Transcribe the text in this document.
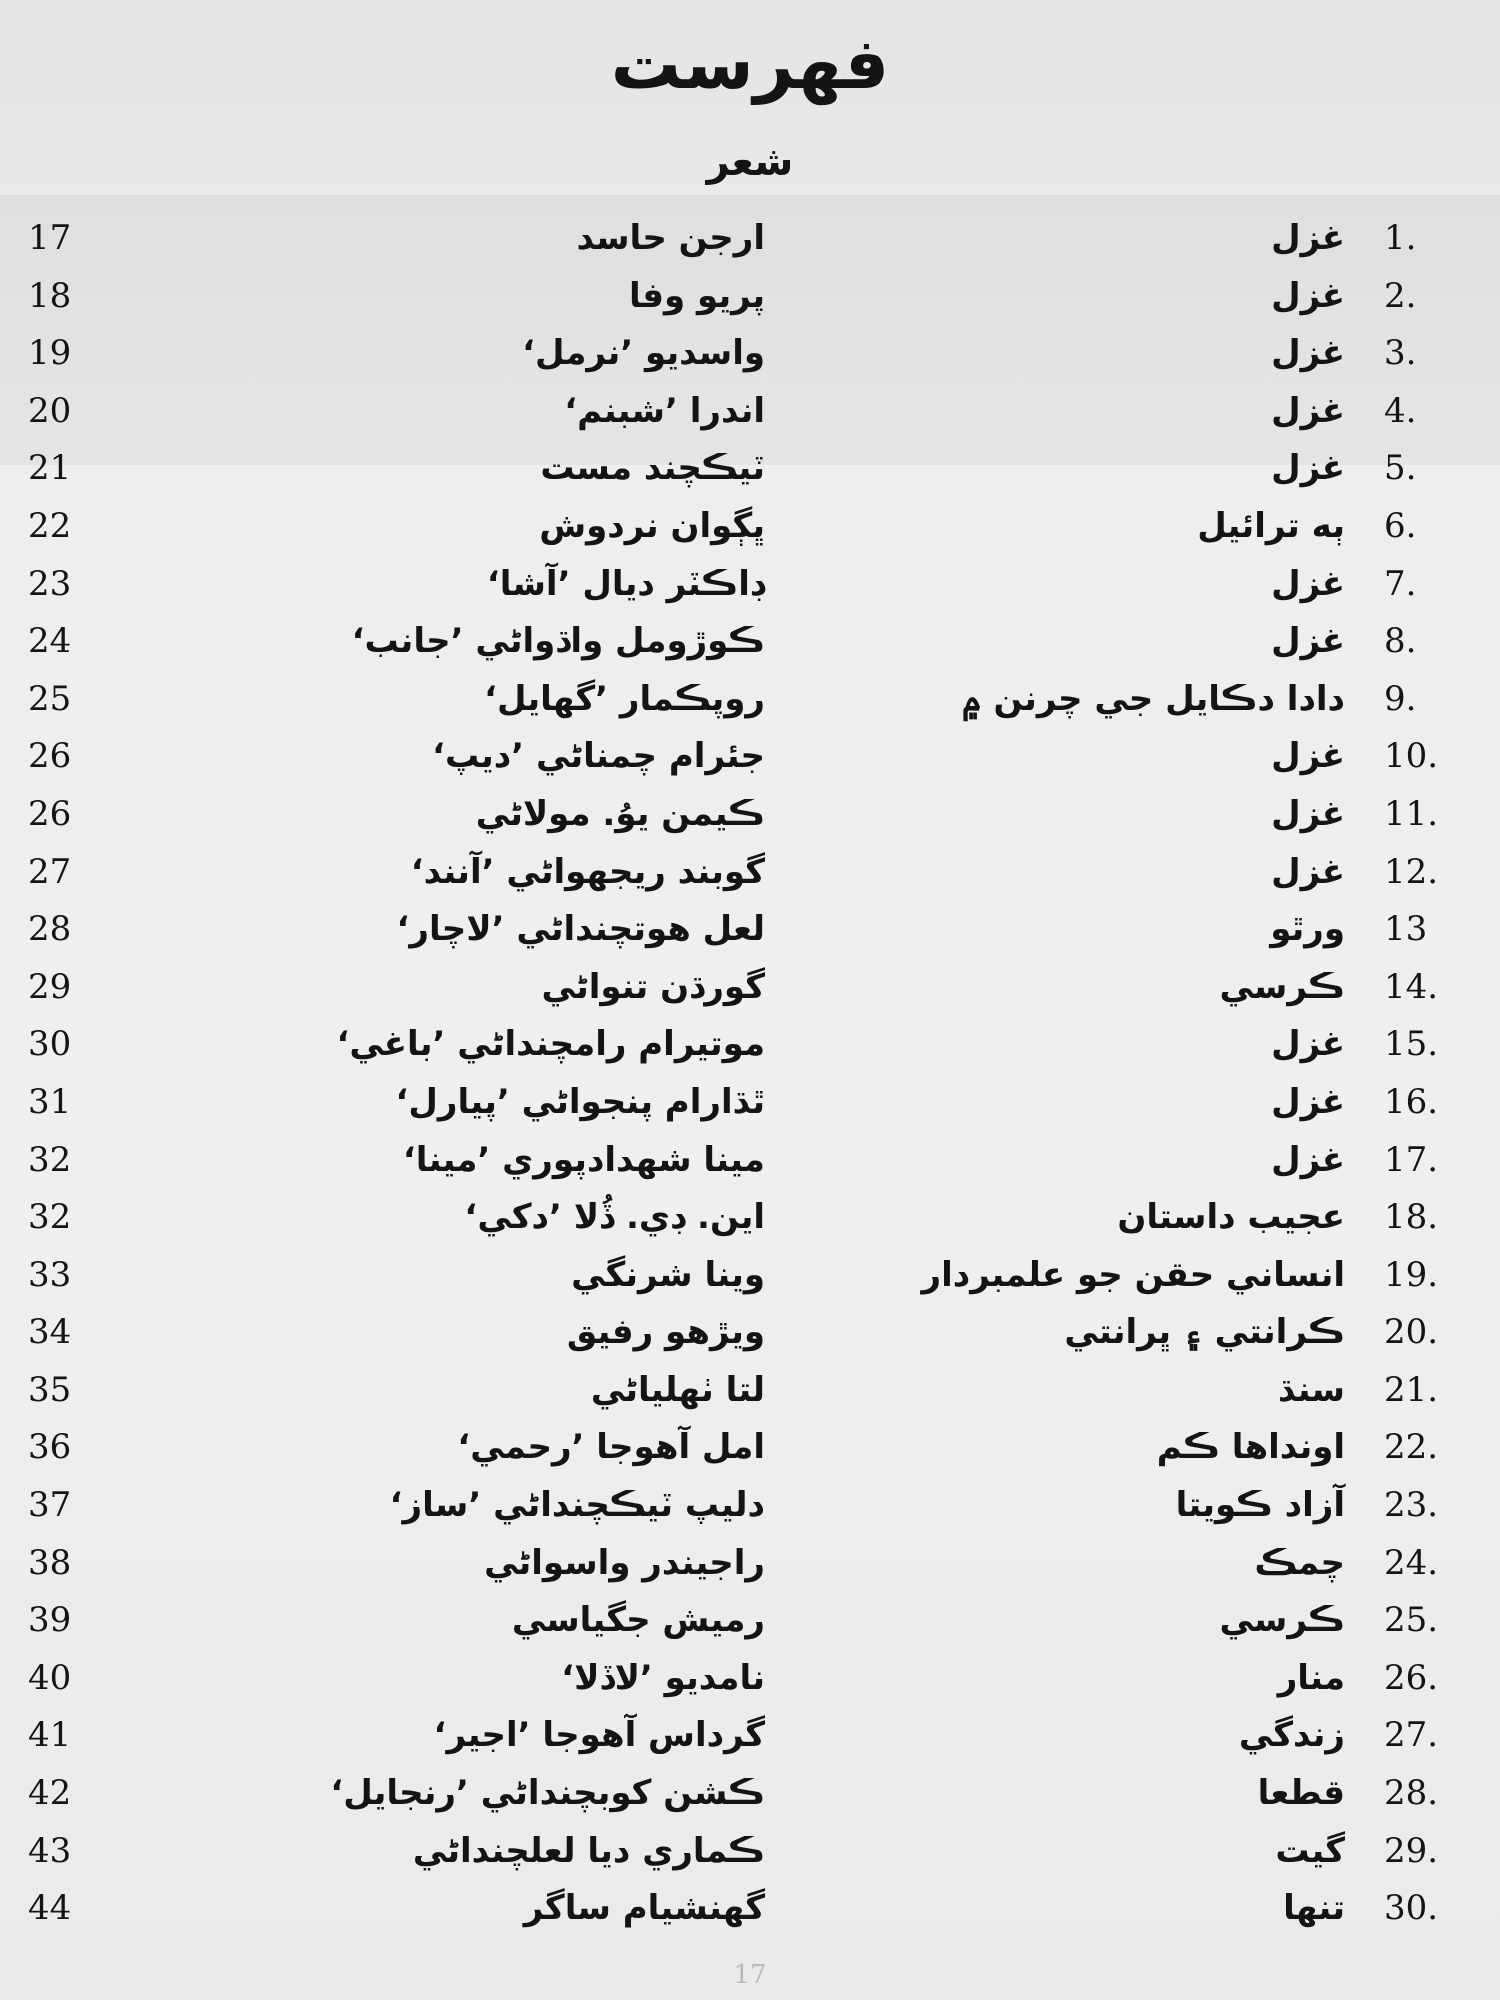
فهرست
شعر
1.
غزل
ارجن حاسد
17
2.
غزل
پريو وفا
18
3.
غزل
واسديو ’نرمل‘
19
4.
غزل
اندرا ’شبنم‘
20
5.
غزل
ٽيڪچند مست
21
6.
ٻه ترائيل
ڀڳوان نردوش
22
7.
غزل
ڊاڪٽر ديال ’آشا‘
23
8.
غزل
ڪوڙومل واڌواڻي ’جانب‘
24
9.
دادا دڪايل جي چرنن ۾
روپڪمار ’گهايل‘
25
10.
غزل
جئرام چمناڻي ’ديپ‘
26
11.
غزل
ڪيمن يوُ. مولاڻي
26
12.
غزل
گوبند ريجهواڻي ’آنند‘
27
13
ورٿو
لعل هوتچنداڻي ’لاچار‘
28
14.
ڪرسي
گورڌن تنواڻي
29
15.
غزل
موتيرام رامچنداڻي ’باغي‘
30
16.
غزل
ٿڌارام پنجواڻي ’پيارل‘
31
17.
غزل
مينا شهدادپوري ’مينا‘
32
18.
عجيب داستان
اين. ڊي. ڏُلا ’دکي‘
32
19.
انساني حقن جو علمبردار
وينا شرنگي
33
20.
ڪرانتي ۽ ڀرانتي
ويڙهو رفيق
34
21.
سنڌ
لتا ٺهلياڻي
35
22.
اونداها ڪم
امل آهوجا ’رحمي‘
36
23.
آزاد ڪويتا
دليپ ٽيڪچنداڻي ’ساز‘
37
24.
چمڪ
راجيندر واسواڻي
38
25.
ڪرسي
رميش جگياسي
39
26.
منار
نامديو ’لاڏلا‘
40
27.
زندگي
گرداس آهوجا ’اجير‘
41
28.
قطعا
ڪشن کوبچنداڻي ’رنجايل‘
42
29.
گيت
ڪماري ديا لعلچنداڻي
43
30.
تنها
گهنشيام ساگر
44
17
